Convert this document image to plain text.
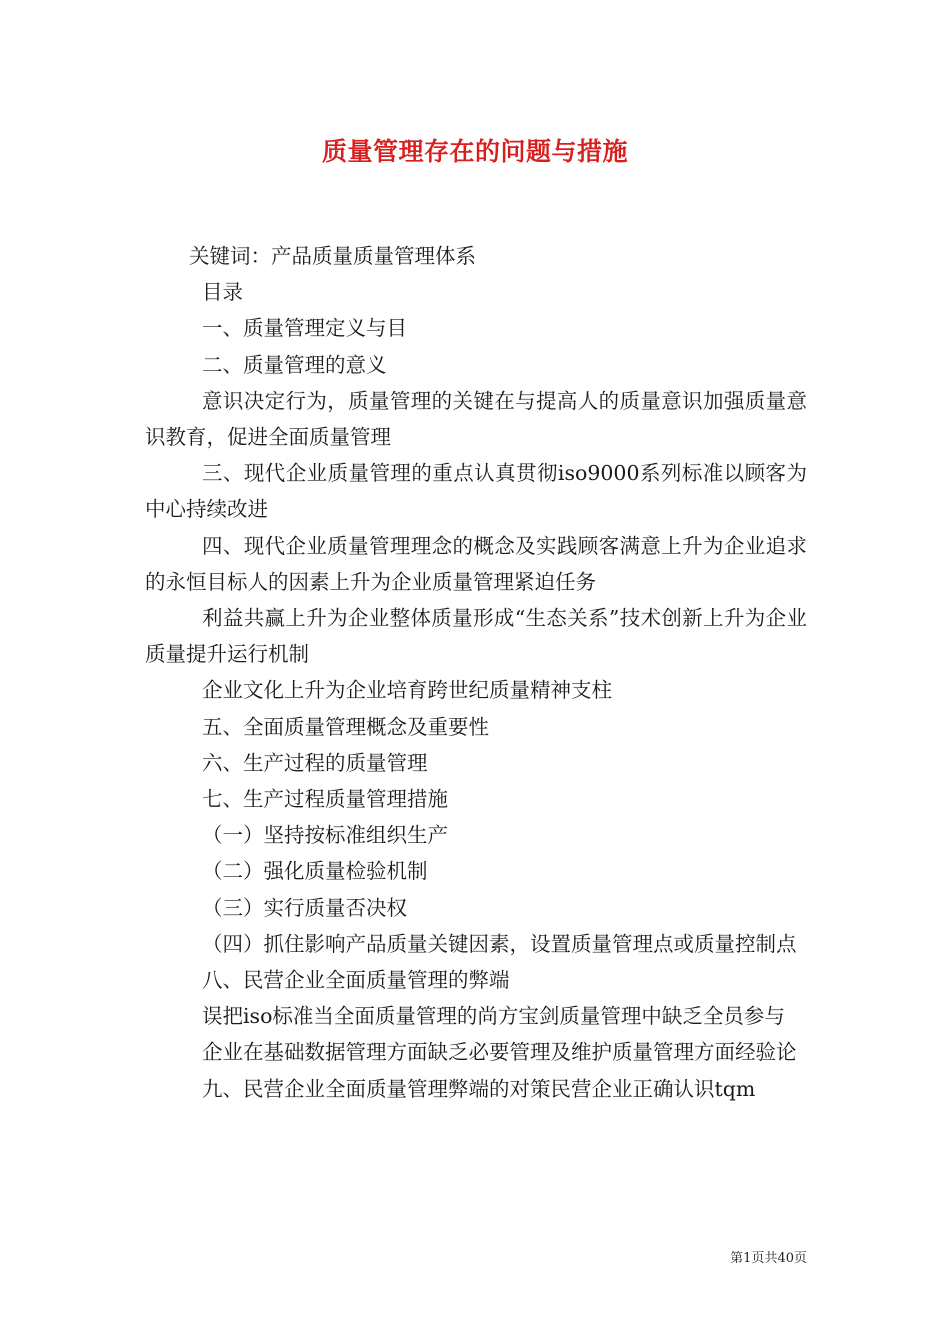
质量管理存在的问题与措施

关键词：产品质量质量管理体系

目录

一、质量管理定义与目

二、质量管理的意义

意识决定行为，质量管理的关键在与提高人的质量意识加强质量意识教育，促进全面质量管理

三、现代企业质量管理的重点认真贯彻iso9000系列标准以顾客为中心持续改进

四、现代企业质量管理理念的概念及实践顾客满意上升为企业追求的永恒目标人的因素上升为企业质量管理紧迫任务

利益共赢上升为企业整体质量形成“生态关系”技术创新上升为企业质量提升运行机制

企业文化上升为企业培育跨世纪质量精神支柱

五、全面质量管理概念及重要性

六、生产过程的质量管理

七、生产过程质量管理措施

（一）坚持按标准组织生产

（二）强化质量检验机制

（三）实行质量否决权

（四）抓住影响产品质量关键因素，设置质量管理点或质量控制点

八、民营企业全面质量管理的弊端

误把iso标准当全面质量管理的尚方宝剑质量管理中缺乏全员参与

企业在基础数据管理方面缺乏必要管理及维护质量管理方面经验论

九、民营企业全面质量管理弊端的对策民营企业正确认识tqm

第1页共40页
